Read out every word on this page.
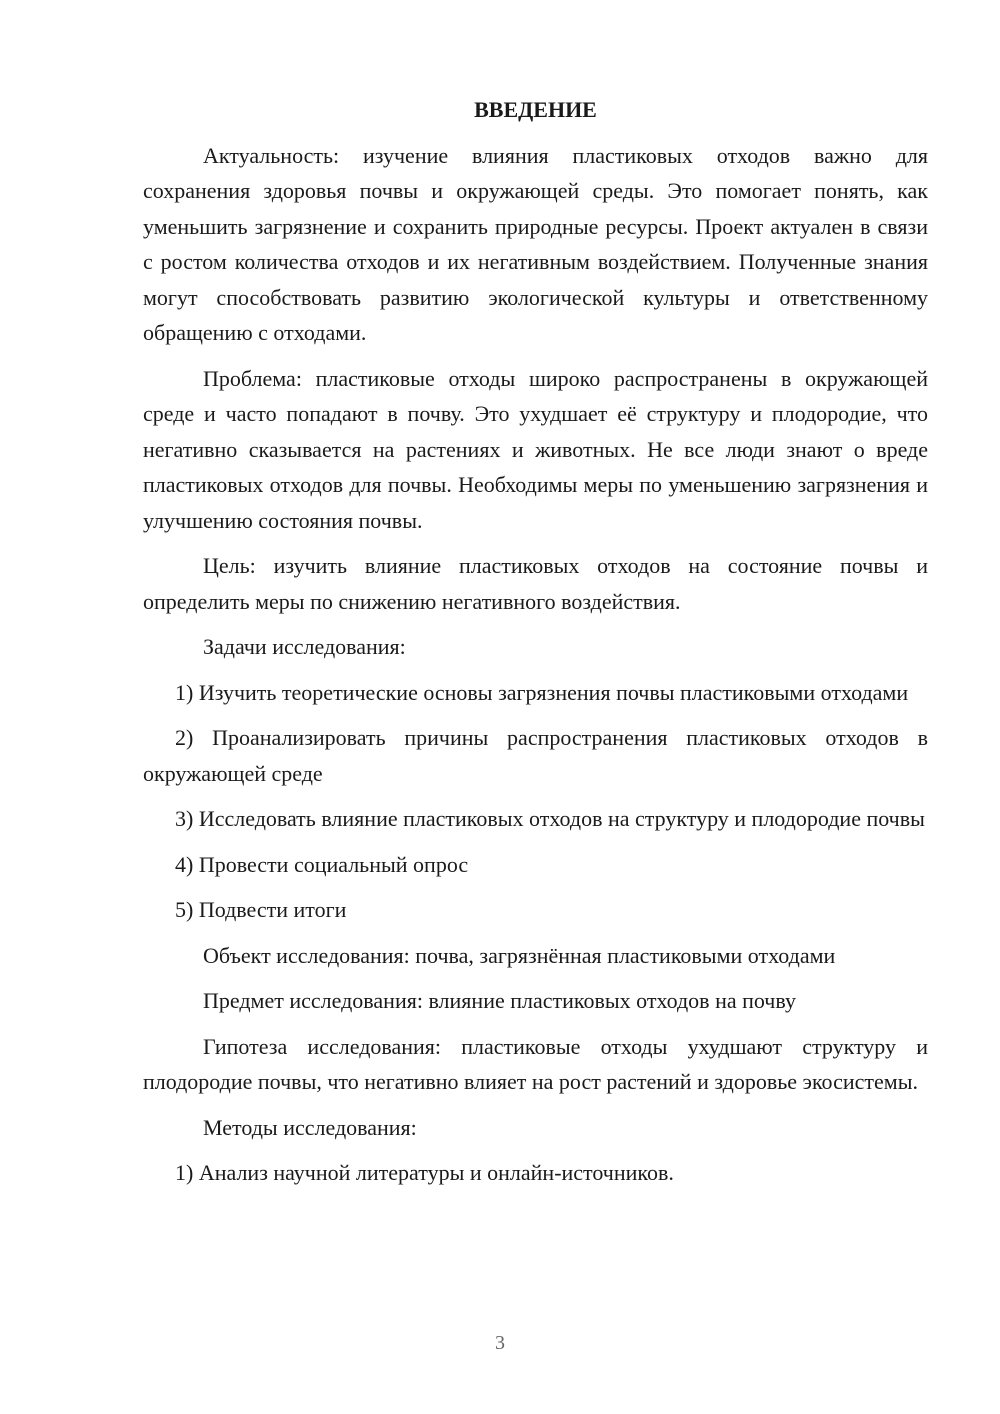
ВВЕДЕНИЕ

Актуальность: изучение влияния пластиковых отходов важно для сохранения здоровья почвы и окружающей среды. Это помогает понять, как уменьшить загрязнение и сохранить природные ресурсы. Проект актуален в связи с ростом количества отходов и их негативным воздействием. Полученные знания могут способствовать развитию экологической культуры и ответственному обращению с отходами.

Проблема: пластиковые отходы широко распространены в окружающей среде и часто попадают в почву. Это ухудшает её структуру и плодородие, что негативно сказывается на растениях и животных. Не все люди знают о вреде пластиковых отходов для почвы. Необходимы меры по уменьшению загрязнения и улучшению состояния почвы.

Цель: изучить влияние пластиковых отходов на состояние почвы и определить меры по снижению негативного воздействия.

Задачи исследования:

1) Изучить теоретические основы загрязнения почвы пластиковыми отходами

2) Проанализировать причины распространения пластиковых отходов в окружающей среде

3) Исследовать влияние пластиковых отходов на структуру и плодородие почвы

4) Провести социальный опрос

5) Подвести итоги

Объект исследования: почва, загрязнённая пластиковыми отходами

Предмет исследования: влияние пластиковых отходов на почву

Гипотеза исследования: пластиковые отходы ухудшают структуру и плодородие почвы, что негативно влияет на рост растений и здоровье экосистемы.

Методы исследования:

1) Анализ научной литературы и онлайн-источников.

3
